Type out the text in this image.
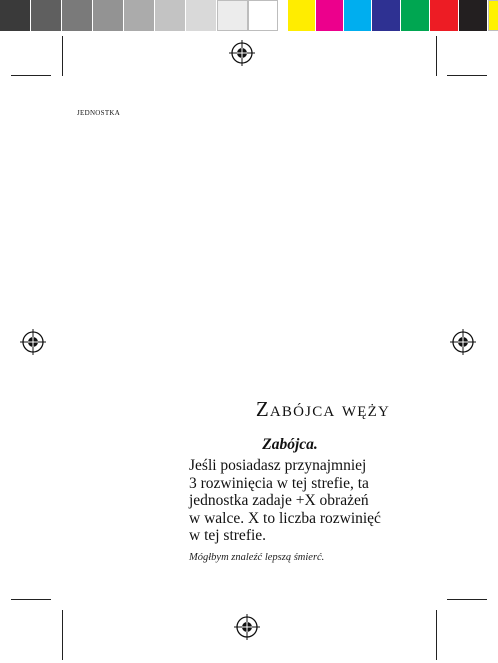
jednostka
Zabójca węży
Zabójca.
Jeśli posiadasz przynajmniej
3 rozwinięcia w tej strefie, ta
jednostka zadaje +X obrażeń
w walce. X to liczba rozwinięć
w tej strefie.
Mógłbym znaleźć lepszą śmierć.
